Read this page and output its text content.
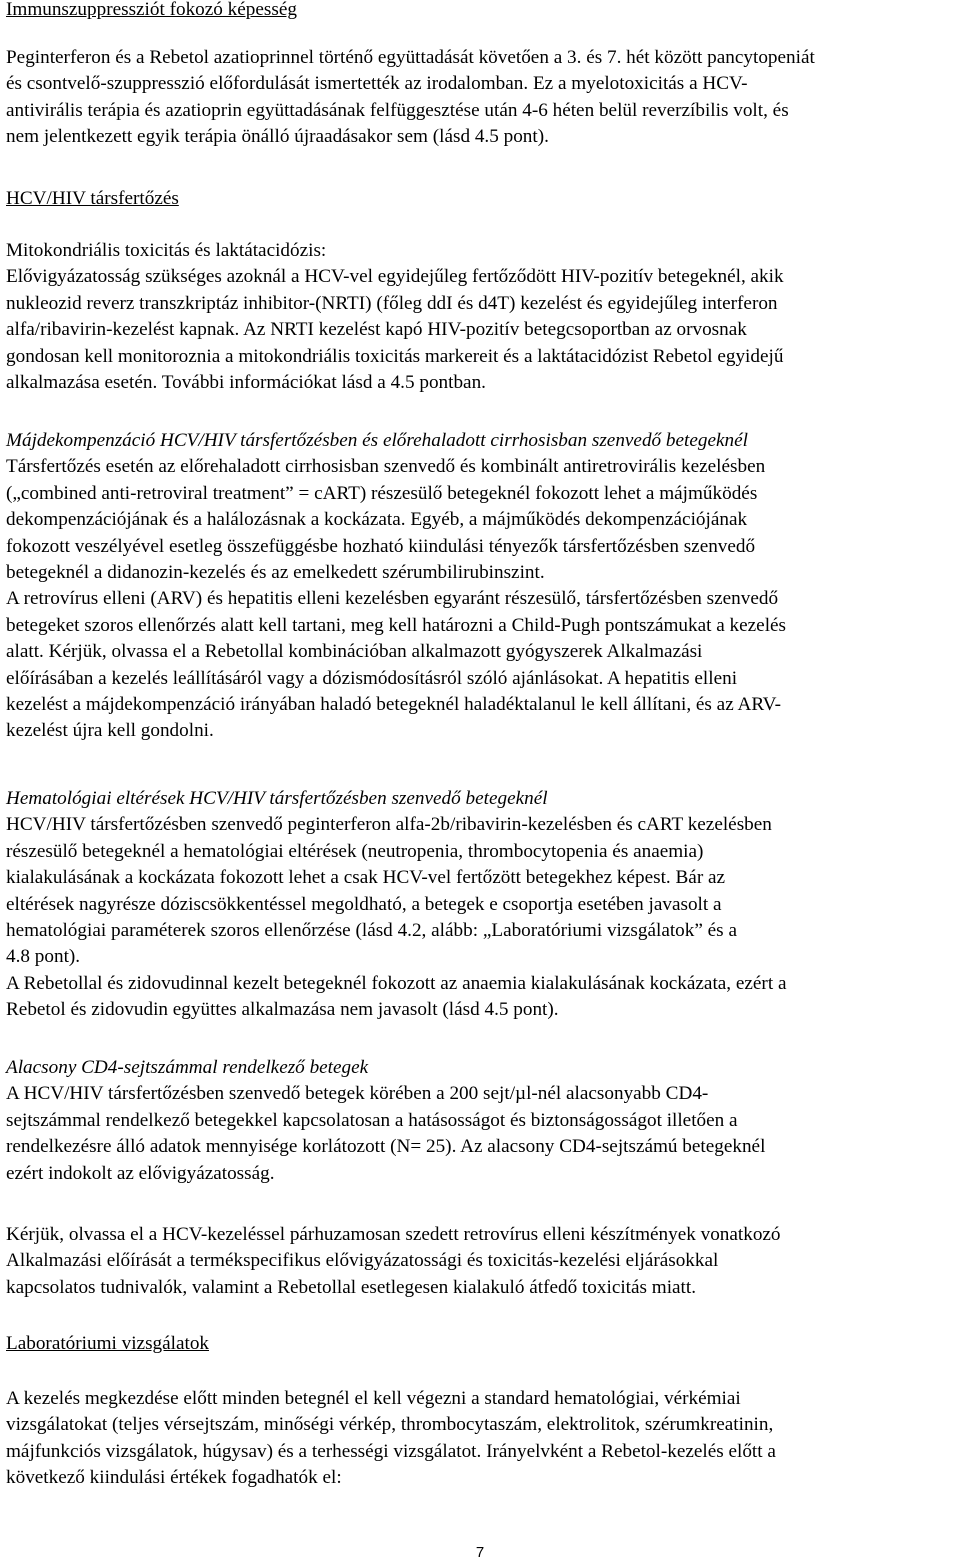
Immunszuppressziót fokozó képesség

Peginterferon és a Rebetol azatioprinnel történő együttadását követően a 3. és 7. hét között pancytopeniát
és csontvelő-szuppresszió előfordulását ismertették az irodalomban. Ez a myelotoxicitás a HCV-
antivirális terápia és azatioprin együttadásának felfüggesztése után 4-6 héten belül reverzíbilis volt, és
nem jelentkezett egyik terápia önálló újraadásakor sem (lásd 4.5 pont).

HCV/HIV társfertőzés

Mitokondriális toxicitás és laktátacidózis:
Elővigyázatosság szükséges azoknál a HCV-vel egyidejűleg fertőződött HIV-pozitív betegeknél, akik
nukleozid reverz transzkriptáz inhibitor-(NRTI) (főleg ddI és d4T) kezelést és egyidejűleg interferon
alfa/ribavirin-kezelést kapnak. Az NRTI kezelést kapó HIV-pozitív betegcsoportban az orvosnak
gondosan kell monitoroznia a mitokondriális toxicitás markereit és a laktátacidózist Rebetol egyidejű
alkalmazása esetén. További információkat lásd a 4.5 pontban.
Májdekompenzáció HCV/HIV társfertőzésben és előrehaladott cirrhosisban szenvedő betegeknél
Társfertőzés esetén az előrehaladott cirrhosisban szenvedő és kombinált antiretrovirális kezelésben
(„combined anti-retroviral treatment” = cART) részesülő betegeknél fokozott lehet a májműködés
dekompenzációjának és a halálozásnak a kockázata. Egyéb, a májműködés dekompenzációjának
fokozott veszélyével esetleg összefüggésbe hozható kiindulási tényezők társfertőzésben szenvedő
betegeknél a didanozin-kezelés és az emelkedett szérumbilirubinszint.
A retrovírus elleni (ARV) és hepatitis elleni kezelésben egyaránt részesülő, társfertőzésben szenvedő
betegeket szoros ellenőrzés alatt kell tartani, meg kell határozni a Child-Pugh pontszámukat a kezelés
alatt. Kérjük, olvassa el a Rebetollal kombinációban alkalmazott gyógyszerek Alkalmazási
előírásában a kezelés leállításáról vagy a dózismódosításról szóló ajánlásokat. A hepatitis elleni
kezelést a májdekompenzáció irányában haladó betegeknél haladéktalanul le kell állítani, és az ARV-
kezelést újra kell gondolni.
Hematológiai eltérések HCV/HIV társfertőzésben szenvedő betegeknél
HCV/HIV társfertőzésben szenvedő peginterferon alfa-2b/ribavirin-kezelésben és cART kezelésben
részesülő betegeknél a hematológiai eltérések (neutropenia, thrombocytopenia és anaemia)
kialakulásának a kockázata fokozott lehet a csak HCV-vel fertőzött betegekhez képest. Bár az
eltérések nagyrésze dóziscsökkentéssel megoldható, a betegek e csoportja esetében javasolt a
hematológiai paraméterek szoros ellenőrzése (lásd 4.2, alább: „Laboratóriumi vizsgálatok” és a
4.8 pont).
A Rebetollal és zidovudinnal kezelt betegeknél fokozott az anaemia kialakulásának kockázata, ezért a
Rebetol és zidovudin együttes alkalmazása nem javasolt (lásd 4.5 pont).
Alacsony CD4-sejtszámmal rendelkező betegek
A HCV/HIV társfertőzésben szenvedő betegek körében a 200 sejt/µl-nél alacsonyabb CD4-
sejtszámmal rendelkező betegekkel kapcsolatosan a hatásosságot és biztonságosságot illetően a
rendelkezésre álló adatok mennyisége korlátozott (N= 25). Az alacsony CD4-sejtszámú betegeknél
ezért indokolt az elővigyázatosság.
Kérjük, olvassa el a HCV-kezeléssel párhuzamosan szedett retrovírus elleni készítmények vonatkozó
Alkalmazási előírását a termékspecifikus elővigyázatossági és toxicitás-kezelési eljárásokkal
kapcsolatos tudnivalók, valamint a Rebetollal esetlegesen kialakuló átfedő toxicitás miatt.

Laboratóriumi vizsgálatok

A kezelés megkezdése előtt minden betegnél el kell végezni a standard hematológiai, vérkémiai
vizsgálatokat (teljes vérsejtszám, minőségi vérkép, thrombocytaszám, elektrolitok, szérumkreatinin,
májfunkciós vizsgálatok, húgysav) és a terhességi vizsgálatot. Irányelvként a Rebetol-kezelés előtt a
következő kiindulási értékek fogadhatók el:
7
